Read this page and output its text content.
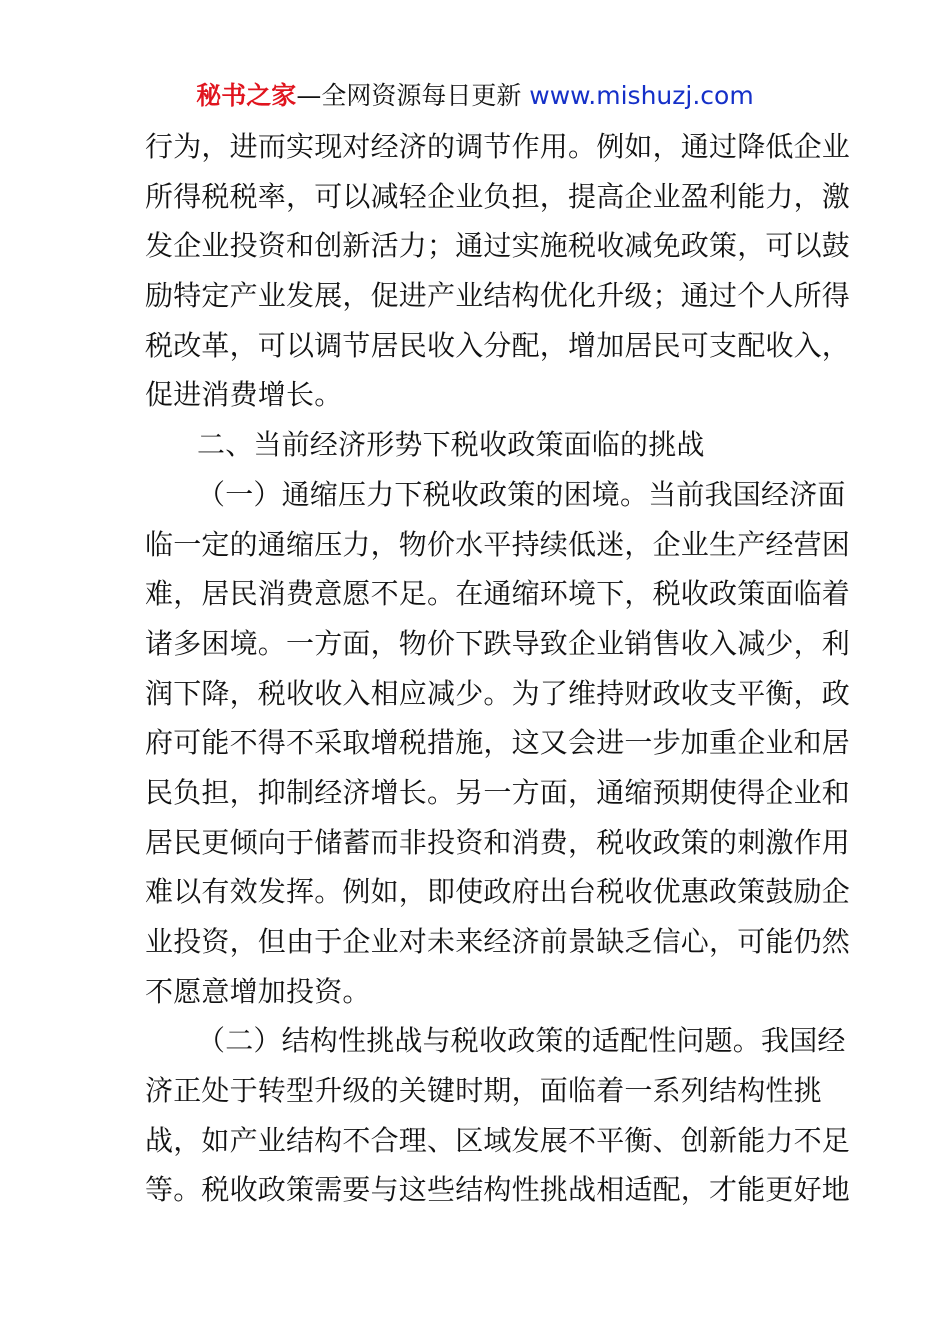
秘书之家—全网资源每日更新 www.mishuzj.com
行为，进而实现对经济的调节作用。例如，通过降低企业
所得税税率，可以减轻企业负担，提高企业盈利能力，激
发企业投资和创新活力；通过实施税收减免政策，可以鼓
励特定产业发展，促进产业结构优化升级；通过个人所得
税改革，可以调节居民收入分配，增加居民可支配收入，
促进消费增长。
二、当前经济形势下税收政策面临的挑战
（一）通缩压力下税收政策的困境。当前我国经济面
临一定的通缩压力，物价水平持续低迷，企业生产经营困
难，居民消费意愿不足。在通缩环境下，税收政策面临着
诸多困境。一方面，物价下跌导致企业销售收入减少，利
润下降，税收收入相应减少。为了维持财政收支平衡，政
府可能不得不采取增税措施，这又会进一步加重企业和居
民负担，抑制经济增长。另一方面，通缩预期使得企业和
居民更倾向于储蓄而非投资和消费，税收政策的刺激作用
难以有效发挥。例如，即使政府出台税收优惠政策鼓励企
业投资，但由于企业对未来经济前景缺乏信心，可能仍然
不愿意增加投资。
（二）结构性挑战与税收政策的适配性问题。我国经
济正处于转型升级的关键时期，面临着一系列结构性挑
战，如产业结构不合理、区域发展不平衡、创新能力不足
等。税收政策需要与这些结构性挑战相适配，才能更好地
